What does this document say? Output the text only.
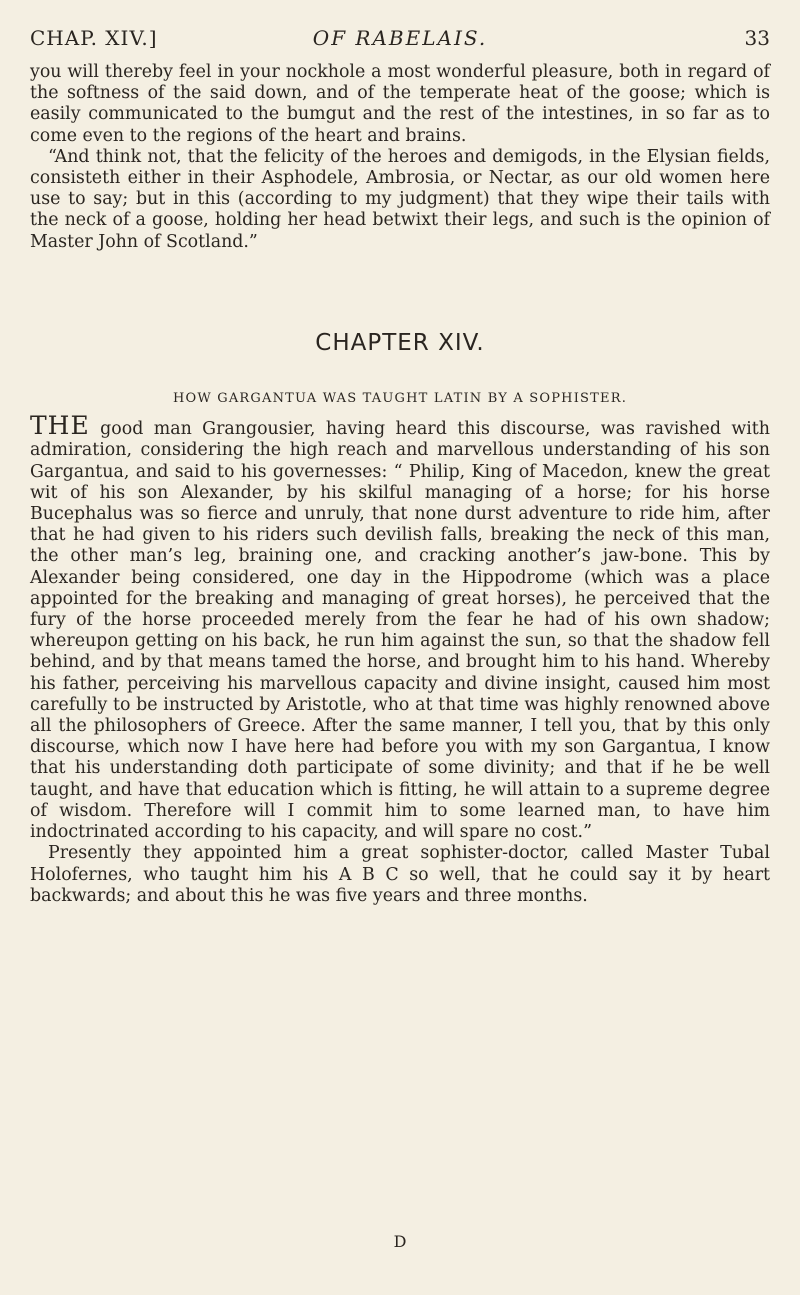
CHAP. XIV.]	OF RABELAIS.	33

you will thereby feel in your nockhole a most wonderful pleasure, both in regard of the softness of the said down, and of the temperate heat of the goose; which is easily communicated to the bumgut and the rest of the intestines, in so far as to come even to the regions of the heart and brains.

“And think not, that the felicity of the heroes and demigods, in the Elysian fields, consisteth either in their Asphodele, Ambrosia, or Nectar, as our old women here use to say; but in this (according to my judgment) that they wipe their tails with the neck of a goose, holding her head betwixt their legs, and such is the opinion of Master John of Scotland.”

CHAPTER XIV.
HOW GARGANTUA WAS TAUGHT LATIN BY A SOPHISTER.

THE good man Grangousier, having heard this discourse, was ravished with admiration, considering the high reach and marvellous understanding of his son Gargantua, and said to his governesses: “ Philip, King of Macedon, knew the great wit of his son Alexander, by his skilful managing of a horse; for his horse Bucephalus was so fierce and unruly, that none durst adventure to ride him, after that he had given to his riders such devilish falls, breaking the neck of this man, the other man’s leg, braining one, and cracking another’s jaw-bone. This by Alexander being considered, one day in the Hippodrome (which was a place appointed for the breaking and managing of great horses), he perceived that the fury of the horse proceeded merely from the fear he had of his own shadow; whereupon getting on his back, he run him against the sun, so that the shadow fell behind, and by that means tamed the horse, and brought him to his hand. Whereby his father, perceiving his marvellous capacity and divine insight, caused him most carefully to be instructed by Aristotle, who at that time was highly renowned above all the philosophers of Greece. After the same manner, I tell you, that by this only discourse, which now I have here had before you with my son Gargantua, I know that his understanding doth participate of some divinity; and that if he be well taught, and have that education which is fitting, he will attain to a supreme degree of wisdom. Therefore will I commit him to some learned man, to have him indoctrinated according to his capacity, and will spare no cost.”

Presently they appointed him a great sophister-doctor, called Master Tubal Holofernes, who taught him his A B C so well, that he could say it by heart backwards; and about this he was five years and three months.

D
